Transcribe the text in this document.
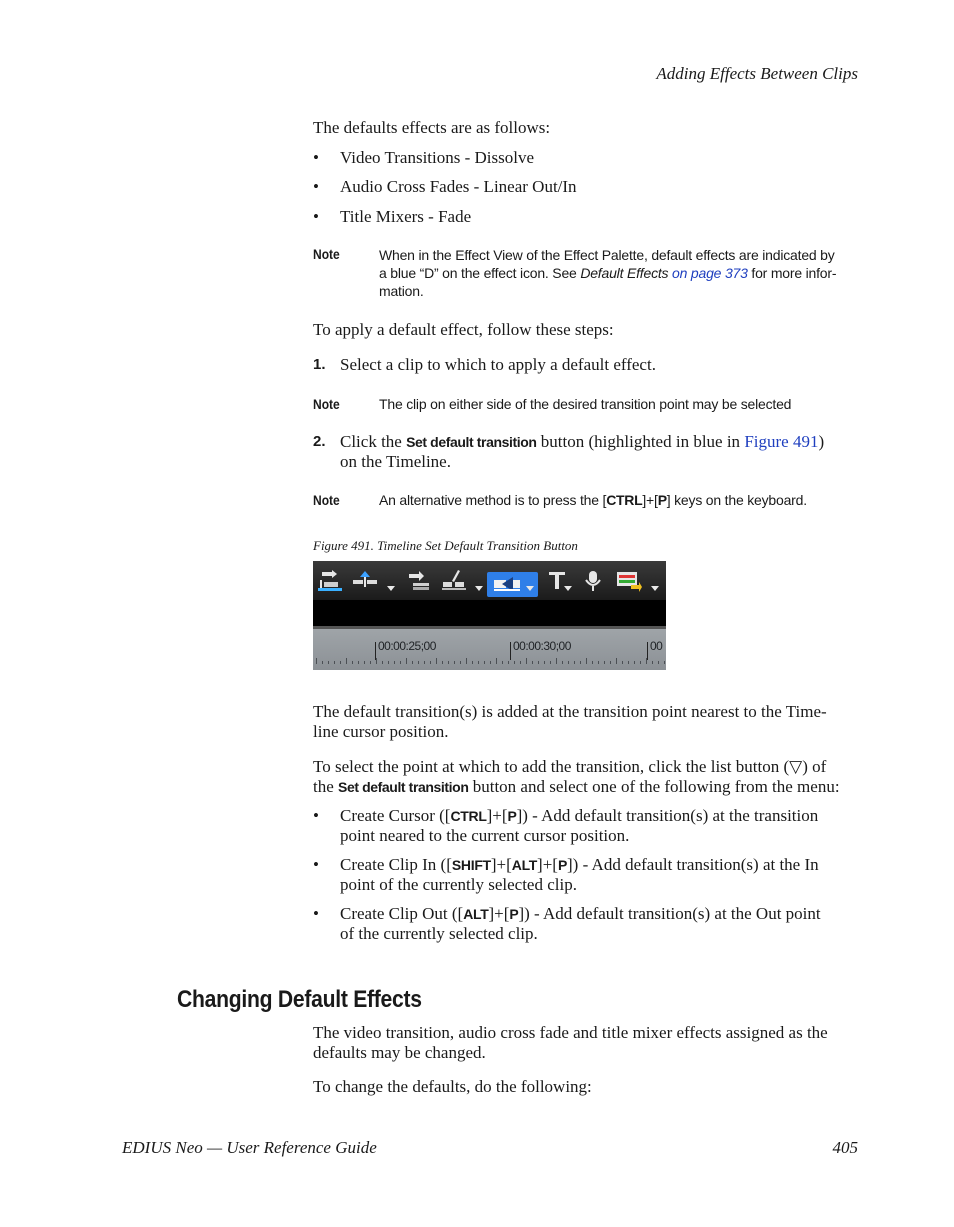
Adding Effects Between Clips
The defaults effects are as follows:
• Video Transitions - Dissolve
• Audio Cross Fades - Linear Out/In
• Title Mixers - Fade
Note	When in the Effect View of the Effect Palette, default effects are indicated by
a blue “D” on the effect icon. See Default Effects on page 373 for more infor-
mation.
To apply a default effect, follow these steps:
1. Select a clip to which to apply a default effect.
Note	The clip on either side of the desired transition point may be selected
2. Click the Set default transition button (highlighted in blue in Figure 491)
on the Timeline.
Note	An alternative method is to press the [CTRL]+[P] keys on the keyboard.
Figure 491. Timeline Set Default Transition Button
00:00:25;00	00:00:30;00	00
The default transition(s) is added at the transition point nearest to the Time-
line cursor position.
To select the point at which to add the transition, click the list button (▽) of
the Set default transition button and select one of the following from the menu:
• Create Cursor ([CTRL]+[P]) - Add default transition(s) at the transition
point neared to the current cursor position.
• Create Clip In ([SHIFT]+[ALT]+[P]) - Add default transition(s) at the In
point of the currently selected clip.
• Create Clip Out ([ALT]+[P]) - Add default transition(s) at the Out point
of the currently selected clip.
Changing Default Effects
The video transition, audio cross fade and title mixer effects assigned as the
defaults may be changed.
To change the defaults, do the following:
EDIUS Neo — User Reference Guide	405
